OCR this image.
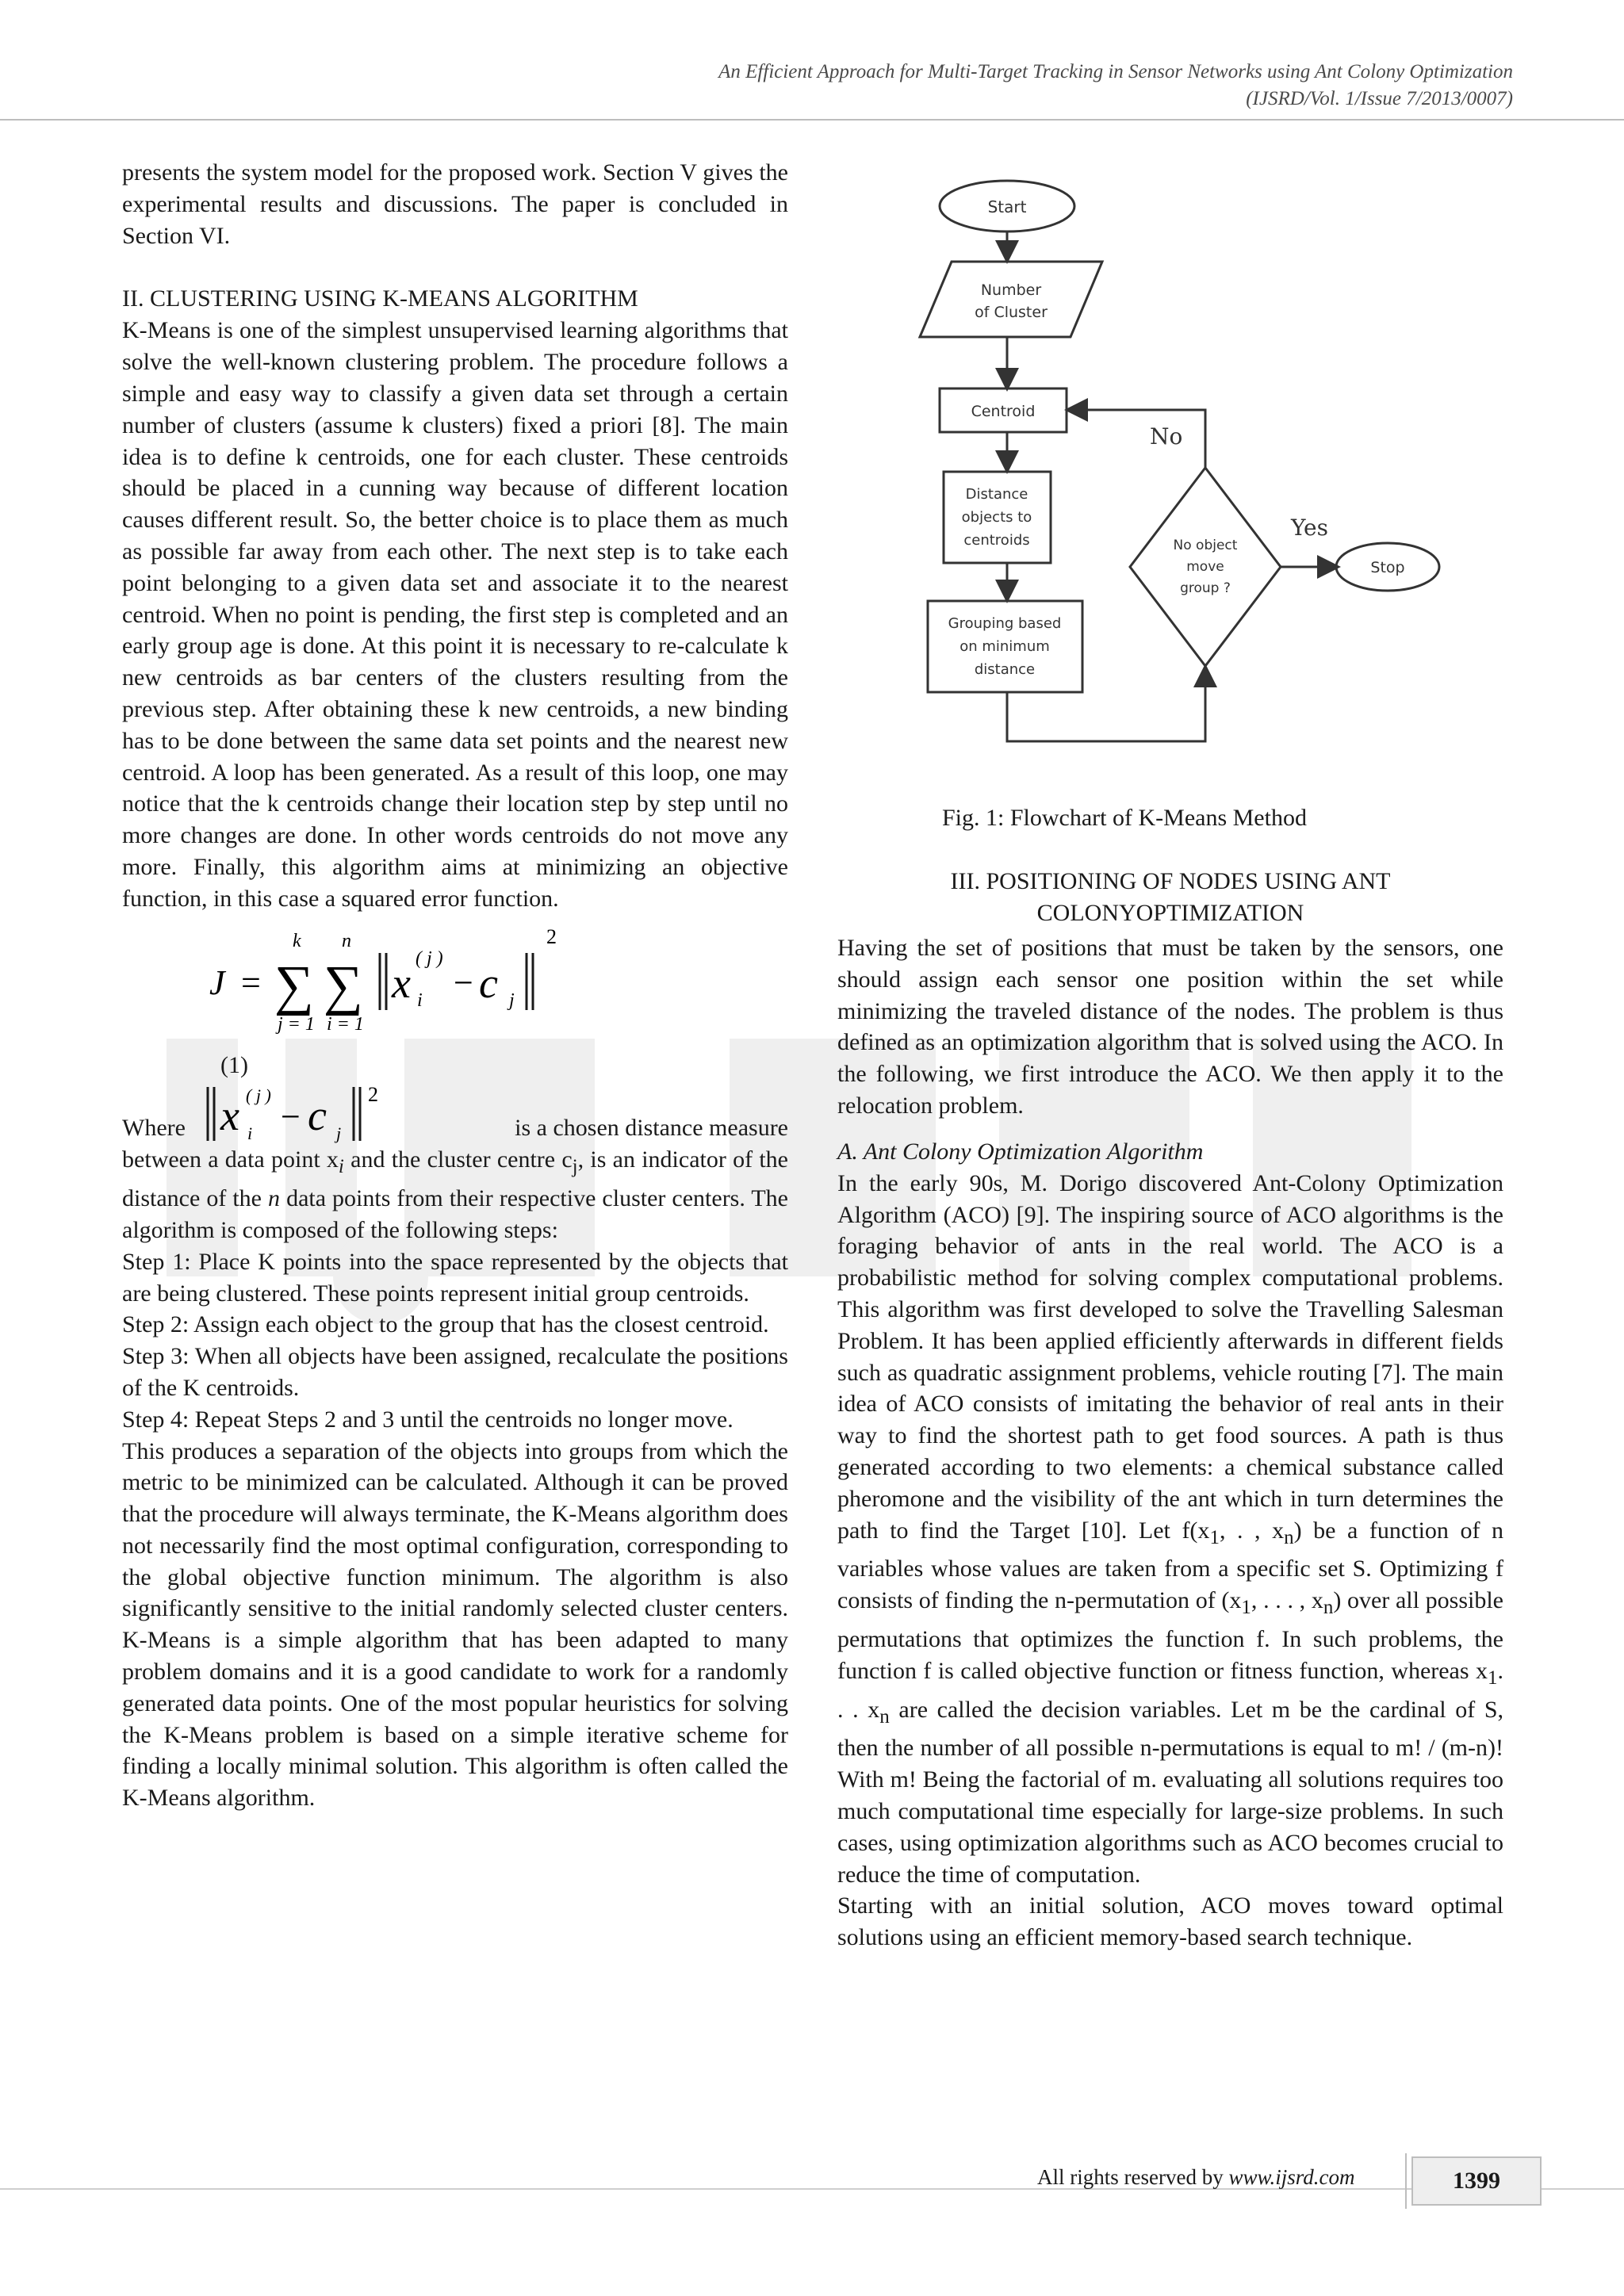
An Efficient Approach for Multi-Target Tracking in Sensor Networks using Ant Colony Optimization
(IJSRD/Vol. 1/Issue 7/2013/0007)

presents the system model for the proposed work. Section V gives the experimental results and discussions. The paper is concluded in Section VI.

II. CLUSTERING USING K-MEANS ALGORITHM

K-Means is one of the simplest unsupervised learning algorithms that solve the well-known clustering problem. The procedure follows a simple and easy way to classify a given data set through a certain number of clusters (assume k clusters) fixed a priori [8]. The main idea is to define k centroids, one for each cluster. These centroids should be placed in a cunning way because of different location causes different result. So, the better choice is to place them as much as possible far away from each other. The next step is to take each point belonging to a given data set and associate it to the nearest centroid. When no point is pending, the first step is completed and an early group age is done. At this point it is necessary to re-calculate k new centroids as bar centers of the clusters resulting from the previous step. After obtaining these k new centroids, a new binding has to be done between the same data set points and the nearest new centroid. A loop has been generated. As a result of this loop, one may notice that the k centroids change their location step by step until no more changes are done. In other words centroids do not move any more. Finally, this algorithm aims at minimizing an objective function, in this case a squared error function.

J =
k
∑
j = 1
n
∑
i = 1
x
( j )
i − c j
2

(1)

Where x ( j )
i − c j
2
is a chosen distance measure

between a data point $x_i$ and the cluster centre $c_j$, is an indicator of the distance of the n data points from their respective cluster centers. The algorithm is composed of the following steps:

Step 1: Place K points into the space represented by the objects that are being clustered. These points represent initial group centroids.

Step 2: Assign each object to the group that has the closest centroid.

Step 3: When all objects have been assigned, recalculate the positions of the K centroids.

Step 4: Repeat Steps 2 and 3 until the centroids no longer move.

This produces a separation of the objects into groups from which the metric to be minimized can be calculated. Although it can be proved that the procedure will always terminate, the K-Means algorithm does not necessarily find the most optimal configuration, corresponding to the global objective function minimum. The algorithm is also significantly sensitive to the initial randomly selected cluster centers. K-Means is a simple algorithm that has been adapted to many problem domains and it is a good candidate to work for a randomly generated data points. One of the most popular heuristics for solving the K-Means problem is based on a simple iterative scheme for finding a locally minimal solution. This algorithm is often called the K-Means algorithm.

Start
Number
of Cluster
Centroid
Distance
objects to
centroids
Grouping based
on minimum
distance
No object
move
group ?
No
Yes
Stop
Fig. 1: Flowchart of K-Means Method
III. POSITIONING OF NODES USING ANT
COLONYOPTIMIZATION

Having the set of positions that must be taken by the sensors, one should assign each sensor one position within the set while minimizing the traveled distance of the nodes. The problem is thus defined as an optimization algorithm that is solved using the ACO. In the following, we first introduce the ACO. We then apply it to the relocation problem.

A. Ant Colony Optimization Algorithm

In the early 90s, M. Dorigo discovered Ant-Colony Optimization Algorithm (ACO) [9]. The inspiring source of ACO algorithms is the foraging behavior of ants in the real world. The ACO is a probabilistic method for solving complex computational problems. This algorithm was first developed to solve the Travelling Salesman Problem. It has been applied efficiently afterwards in different fields such as quadratic assignment problems, vehicle routing [7]. The main idea of ACO consists of imitating the behavior of real ants in their way to find the shortest path to get food sources. A path is thus generated according to two elements: a chemical substance called pheromone and the visibility of the ant which in turn determines the path to find the Target [10]. Let $f(x_1$, . , $x_n$) be a function of n variables whose values are taken from a specific set S. Optimizing f consists of finding the n-permutation of ($x_1$, . . . , $x_n$) over all possible permutations that optimizes the function f. In such problems, the function f is called objective function or fitness function, whereas $x_1$. . . $x_n$ are called the decision variables. Let m be the cardinal of S, then the number of all possible n-permutations is equal to m! / (m-n)! With m! Being the factorial of m. evaluating all solutions requires too much computational time especially for large-size problems. In such cases, using optimization algorithms such as ACO becomes crucial to reduce the time of computation.

Starting with an initial solution, ACO moves toward optimal solutions using an efficient memory-based search technique.

All rights reserved by www.ijsrd.com	1399
